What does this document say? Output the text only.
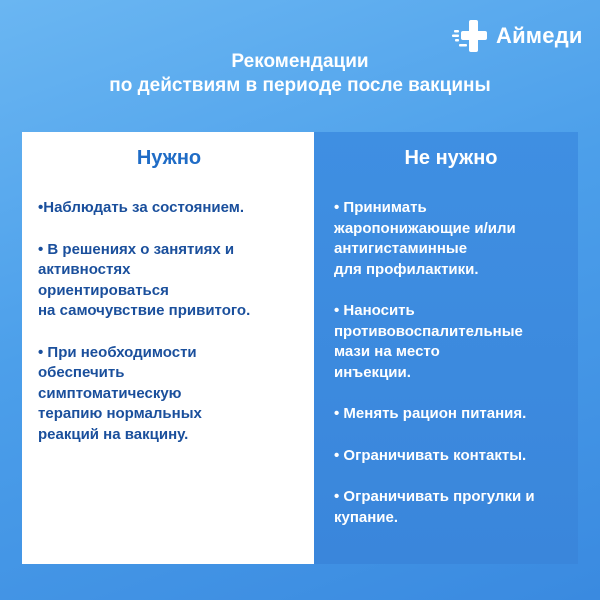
Аймеди
Рекомендации
по действиям в периоде после вакцины
Нужно
•Наблюдать за состоянием.
• В решениях о занятиях и
активностях
ориентироваться
на самочувствие привитого.
• При необходимости
обеспечить
симптоматическую
терапию нормальных
реакций на вакцину.
Не нужно
• Принимать
жаропонижающие и/или
антигистаминные
для профилактики.
• Наносить
противовоспалительные
мази на место
инъекции.
• Менять рацион питания.
• Ограничивать контакты.
• Ограничивать прогулки и
купание.
